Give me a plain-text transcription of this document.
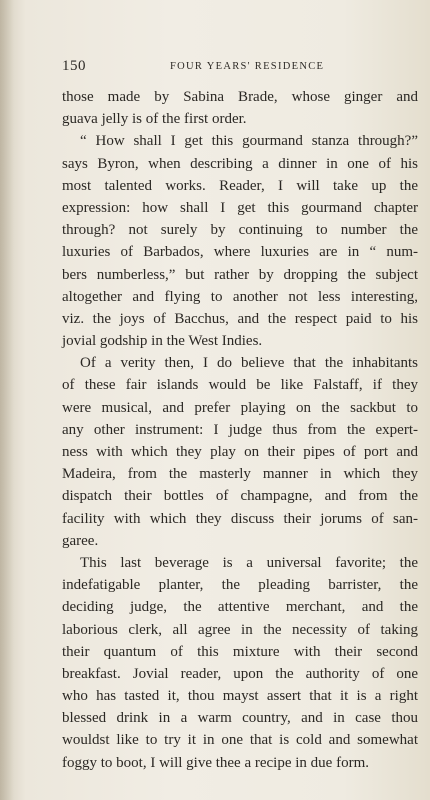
150	FOUR YEARS' RESIDENCE
those made by Sabina Brade, whose ginger and
guava jelly is of the first order.
“ How shall I get this gourmand stanza through?”
says Byron, when describing a dinner in one of his
most talented works. Reader, I will take up the
expression: how shall I get this gourmand chapter
through? not surely by continuing to number the
luxuries of Barbados, where luxuries are in “ num-
bers numberless,” but rather by dropping the subject
altogether and flying to another not less interesting,
viz. the joys of Bacchus, and the respect paid to his
jovial godship in the West Indies.
Of a verity then, I do believe that the inhabitants
of these fair islands would be like Falstaff, if they
were musical, and prefer playing on the sackbut to
any other instrument: I judge thus from the expert-
ness with which they play on their pipes of port and
Madeira, from the masterly manner in which they
dispatch their bottles of champagne, and from the
facility with which they discuss their jorums of san-
garee.
This last beverage is a universal favorite; the
indefatigable planter, the pleading barrister, the
deciding judge, the attentive merchant, and the
laborious clerk, all agree in the necessity of taking
their quantum of this mixture with their second
breakfast. Jovial reader, upon the authority of one
who has tasted it, thou mayst assert that it is a right
blessed drink in a warm country, and in case thou
wouldst like to try it in one that is cold and somewhat
foggy to boot, I will give thee a recipe in due form.
